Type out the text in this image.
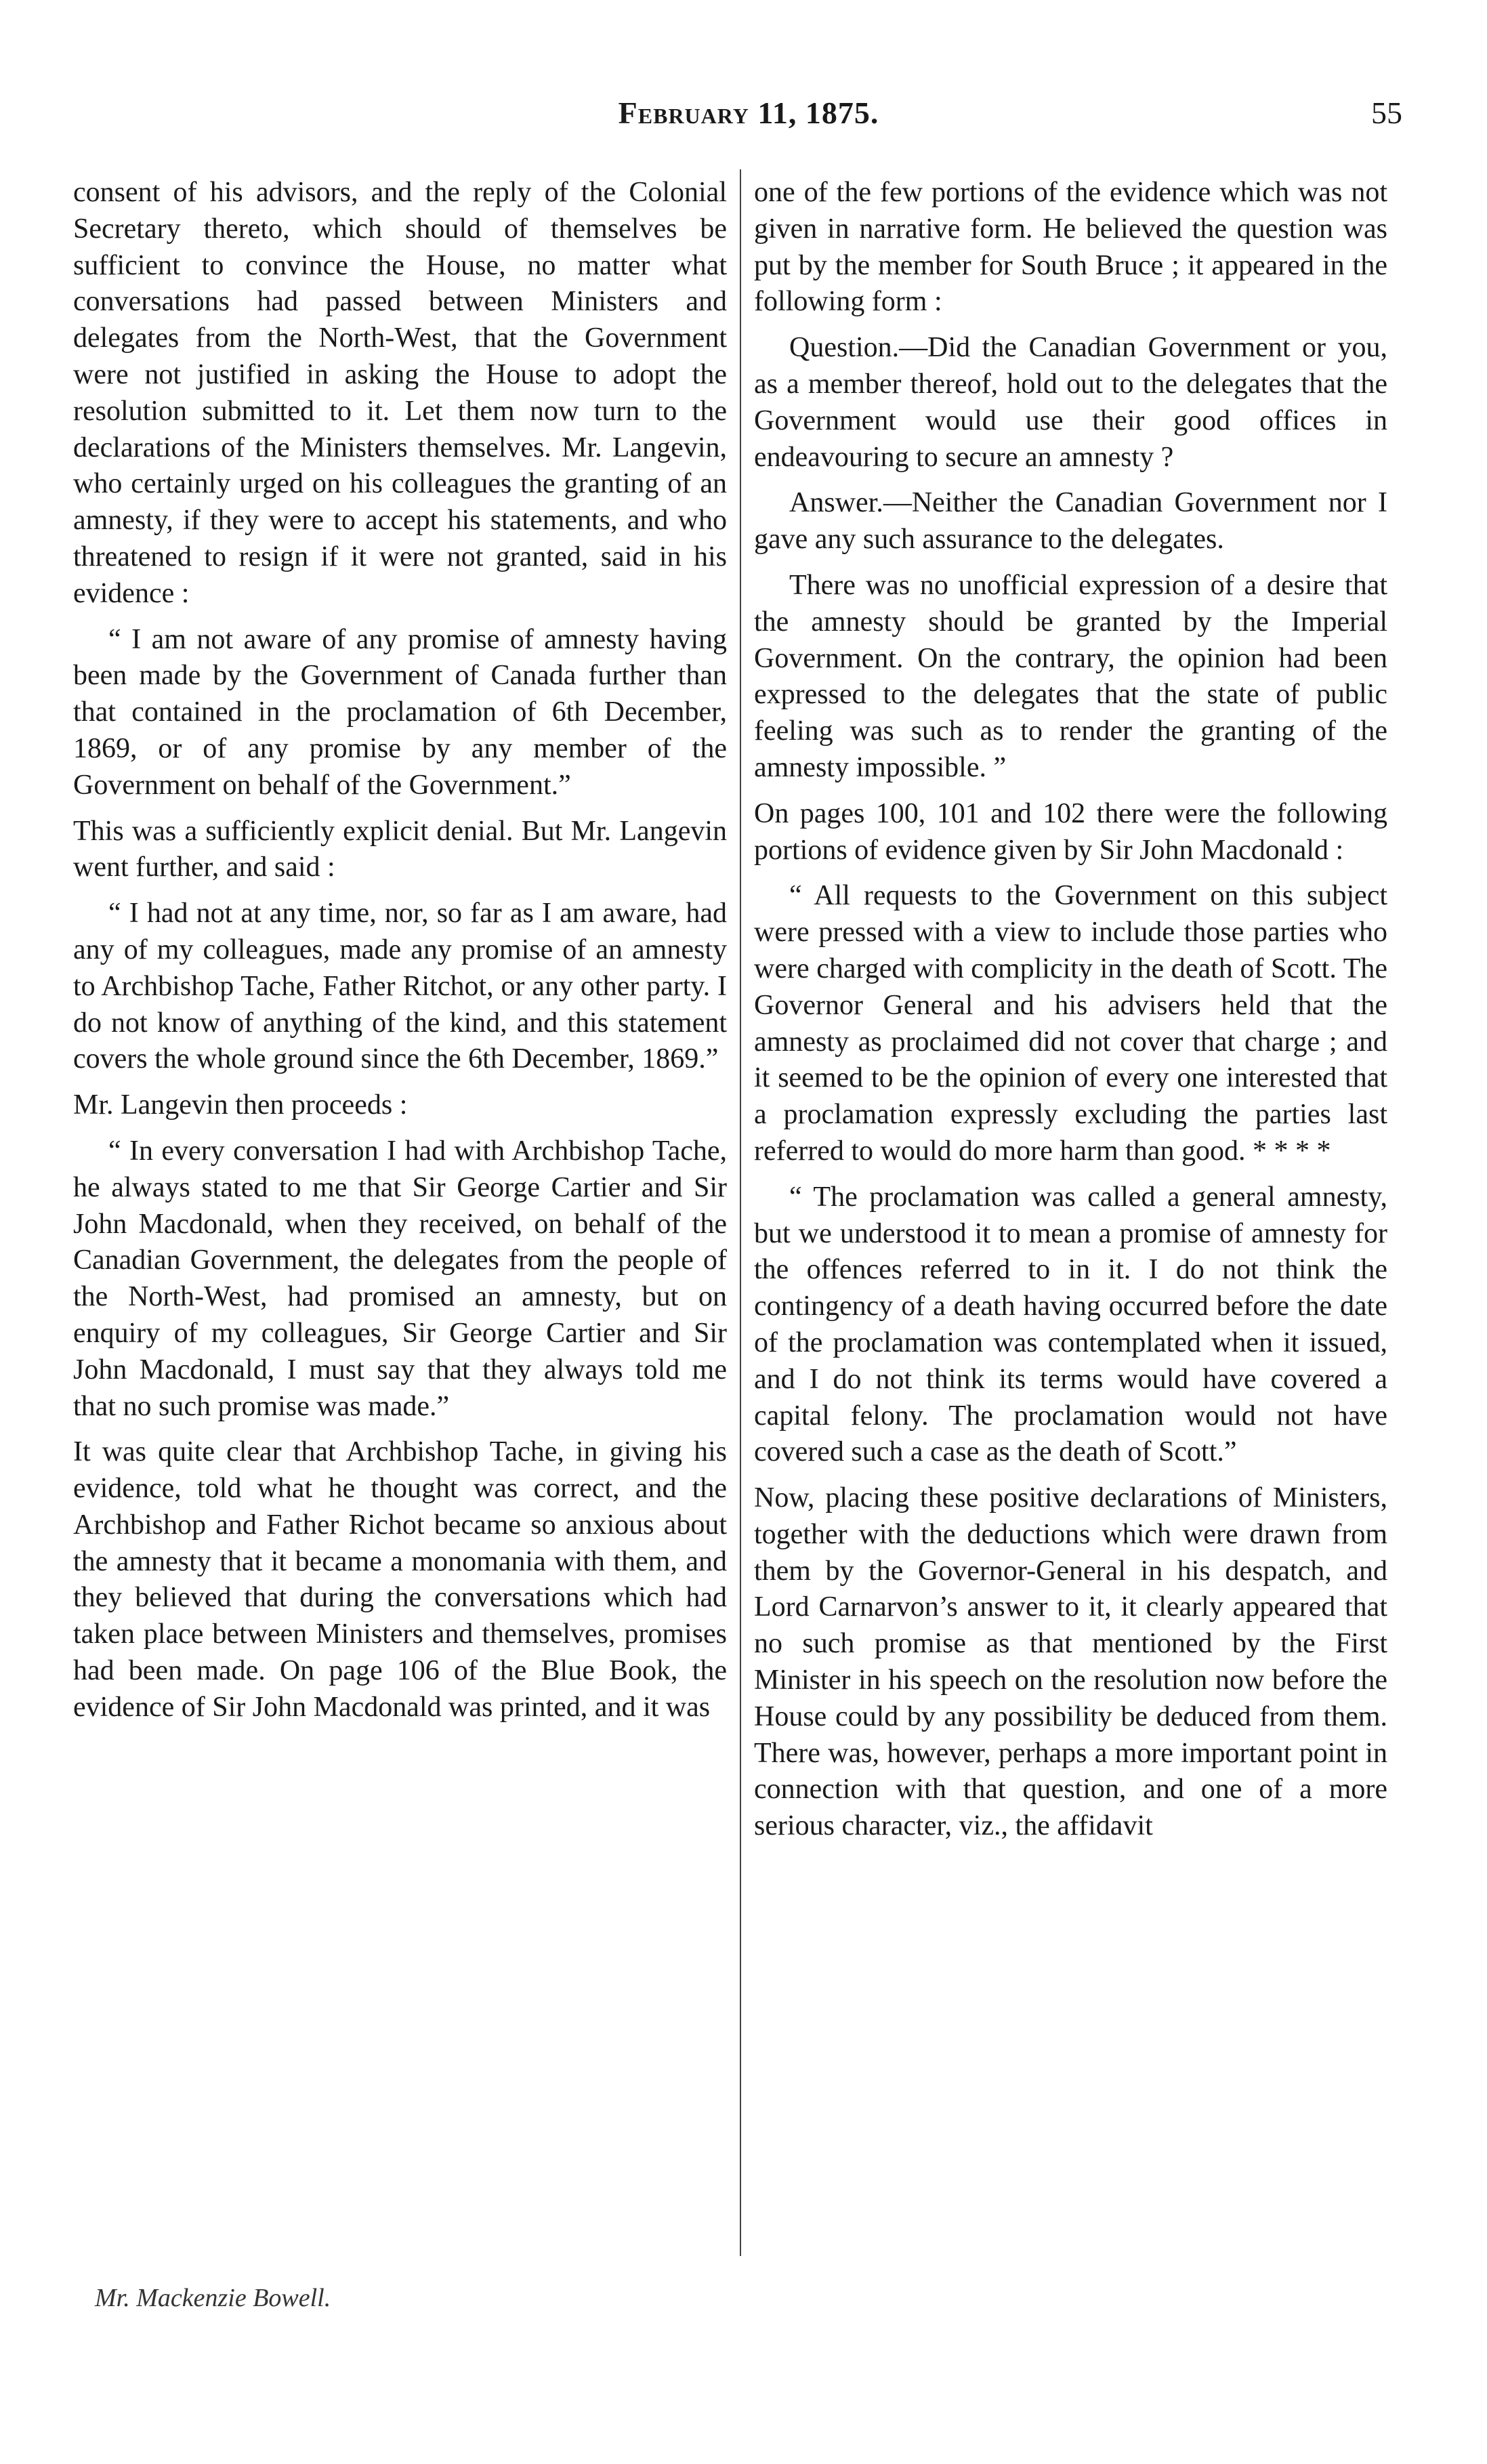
February 11, 1875.	55

consent of his advisors, and the reply of the Colonial Secretary thereto, which should of themselves be sufficient to convince the House, no matter what conversations had passed between Ministers and delegates from the North-West, that the Government were not justified in asking the House to adopt the resolution submitted to it. Let them now turn to the declarations of the Ministers themselves. Mr. Langevin, who certainly urged on his colleagues the granting of an amnesty, if they were to accept his statements, and who threatened to resign if it were not granted, said in his evidence :

“ I am not aware of any promise of amnesty having been made by the Government of Canada further than that contained in the proclamation of 6th December, 1869, or of any promise by any member of the Government on behalf of the Government.”

This was a sufficiently explicit denial. But Mr. Langevin went further, and said :

“ I had not at any time, nor, so far as I am aware, had any of my colleagues, made any promise of an amnesty to Archbishop Tache, Father Ritchot, or any other party. I do not know of anything of the kind, and this statement covers the whole ground since the 6th December, 1869.”

Mr. Langevin then proceeds :

“ In every conversation I had with Archbishop Tache, he always stated to me that Sir George Cartier and Sir John Macdonald, when they received, on behalf of the Canadian Government, the delegates from the people of the North-West, had promised an amnesty, but on enquiry of my colleagues, Sir George Cartier and Sir John Macdonald, I must say that they always told me that no such promise was made.”

It was quite clear that Archbishop Tache, in giving his evidence, told what he thought was correct, and the Archbishop and Father Richot became so anxious about the amnesty that it became a monomania with them, and they believed that during the conversations which had taken place between Ministers and themselves, promises had been made. On page 106 of the Blue Book, the evidence of Sir John Macdonald was printed, and it was

one of the few portions of the evidence which was not given in narrative form. He believed the question was put by the member for South Bruce ; it appeared in the following form :

Question.—Did the Canadian Government or you, as a member thereof, hold out to the delegates that the Government would use their good offices in endeavouring to secure an amnesty ?

Answer.—Neither the Canadian Government nor I gave any such assurance to the delegates.

There was no unofficial expression of a desire that the amnesty should be granted by the Imperial Government. On the contrary, the opinion had been expressed to the delegates that the state of public feeling was such as to render the granting of the amnesty impossible. ”

On pages 100, 101 and 102 there were the following portions of evidence given by Sir John Macdonald :

“ All requests to the Government on this subject were pressed with a view to include those parties who were charged with complicity in the death of Scott. The Governor General and his advisers held that the amnesty as proclaimed did not cover that charge ; and it seemed to be the opinion of every one interested that a proclamation expressly excluding the parties last referred to would do more harm than good. * * * *

“ The proclamation was called a general amnesty, but we understood it to mean a promise of amnesty for the offences referred to in it. I do not think the contingency of a death having occurred before the date of the proclamation was contemplated when it issued, and I do not think its terms would have covered a capital felony. The proclamation would not have covered such a case as the death of Scott.”

Now, placing these positive declarations of Ministers, together with the deductions which were drawn from them by the Governor-General in his despatch, and Lord Carnarvon’s answer to it, it clearly appeared that no such promise as that mentioned by the First Minister in his speech on the resolution now before the House could by any possibility be deduced from them. There was, however, perhaps a more important point in connection with that question, and one of a more serious character, viz., the affidavit

Mr. Mackenzie Bowell.
